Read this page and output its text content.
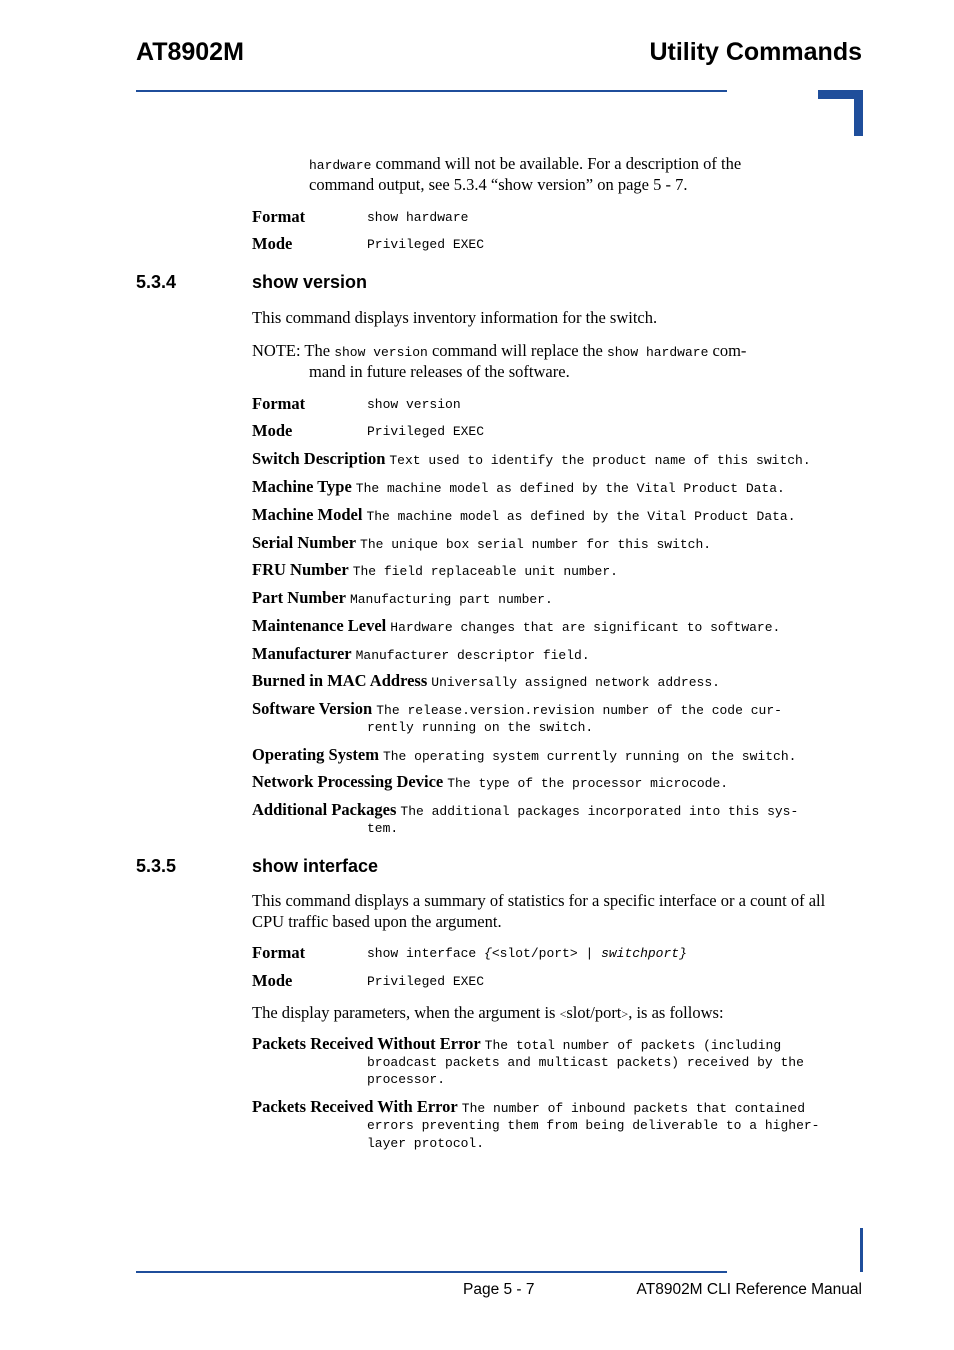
AT8902M	Utility Commands
hardware command will not be available. For a description of the
command output, see 5.3.4 “show version” on page 5 - 7.
Format	show hardware
Mode	Privileged EXEC
5.3.4	show version
This command displays inventory information for the switch.
NOTE: The show version command will replace the show hardware com-
mand in future releases of the software.
Format	show version
Mode	Privileged EXEC
Switch Description Text used to identify the product name of this switch.
Machine Type The machine model as defined by the Vital Product Data.
Machine Model The machine model as defined by the Vital Product Data.
Serial Number The unique box serial number for this switch.
FRU Number The field replaceable unit number.
Part Number Manufacturing part number.
Maintenance Level Hardware changes that are significant to software.
Manufacturer Manufacturer descriptor field.
Burned in MAC Address Universally assigned network address.
Software Version The release.version.revision number of the code cur-
rently running on the switch.
Operating System The operating system currently running on the switch.
Network Processing Device The type of the processor microcode.
Additional Packages The additional packages incorporated into this sys-
tem.
5.3.5	show interface
This command displays a summary of statistics for a specific interface or a count of all
CPU traffic based upon the argument.
Format	show interface {<slot/port> | switchport}
Mode	Privileged EXEC
The display parameters, when the argument is <slot/port>, is as follows:
Packets Received Without Error The total number of packets (including
broadcast packets and multicast packets) received by the
processor.
Packets Received With Error The number of inbound packets that contained
errors preventing them from being deliverable to a higher-
layer protocol.
Page 5 - 7	AT8902M CLI Reference Manual
